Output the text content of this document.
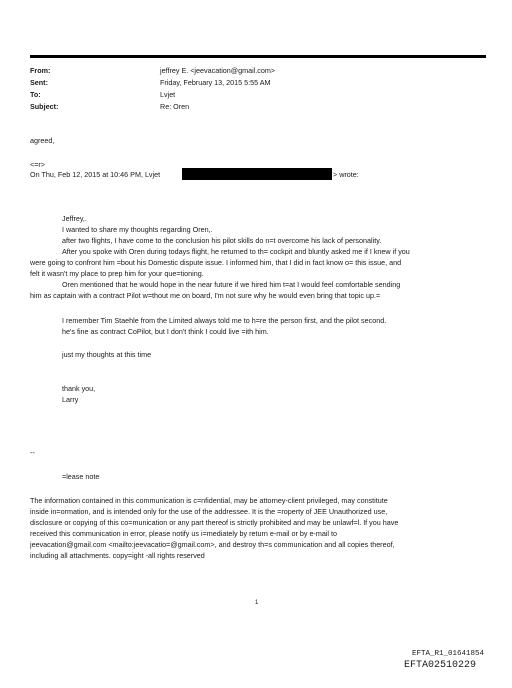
From:	jeffrey E. <jeevacation@gmail.com>
Sent:	Friday, February 13, 2015 5:55 AM
To:	Lvjet
Subject:	Re: Oren
agreed,
<=r>
On Thu, Feb 12, 2015 at 10:46 PM, Lvjet	> wrote:
Jeffrey,.
I wanted to share my thoughts regarding Oren,.
after two flights, I have come to the conclusion his pilot skills do n=t overcome his lack of personality.
After you spoke with Oren during todays flight, he returned to th= cockpit and bluntly asked me if I knew if you
were going to confront him =bout his Domestic dispute issue. I informed him, that I did in fact know o= this issue, and
felt it wasn't my place to prep him for your que=tioning.
Oren mentioned that he would hope in the near future if we hired him t=at I would feel comfortable sending
him as captain with a contract Pilot w=thout me on board, I'm not sure why he would even bring that topic up.=
I remember Tim Staehle from the Limited always told me to h=re the person first, and the pilot second.
he's fine as contract CoPilot, but I don't think I could live =ith him.
just my thoughts at this time
thank you,
Larry
--
=lease note
The information contained in this communication is c=nfidential, may be attorney-client privileged, may constitute
inside in=ormation, and is intended only for the use of the addressee. It is the =roperty of JEE Unauthorized use,
disclosure or copying of this co=munication or any part thereof is strictly prohibited and may be unlawf=l. If you have
received this communication in error, please notify us i=mediately by return e-mail or by e-mail to
jeevacation@gmail.com <mailto:jeevacatio=@gmail.com>, and destroy th=s communication and all copies thereof,
including all attachments. copy=ight -all rights reserved
1
EFTA_R1_01641854
EFTA02510229
